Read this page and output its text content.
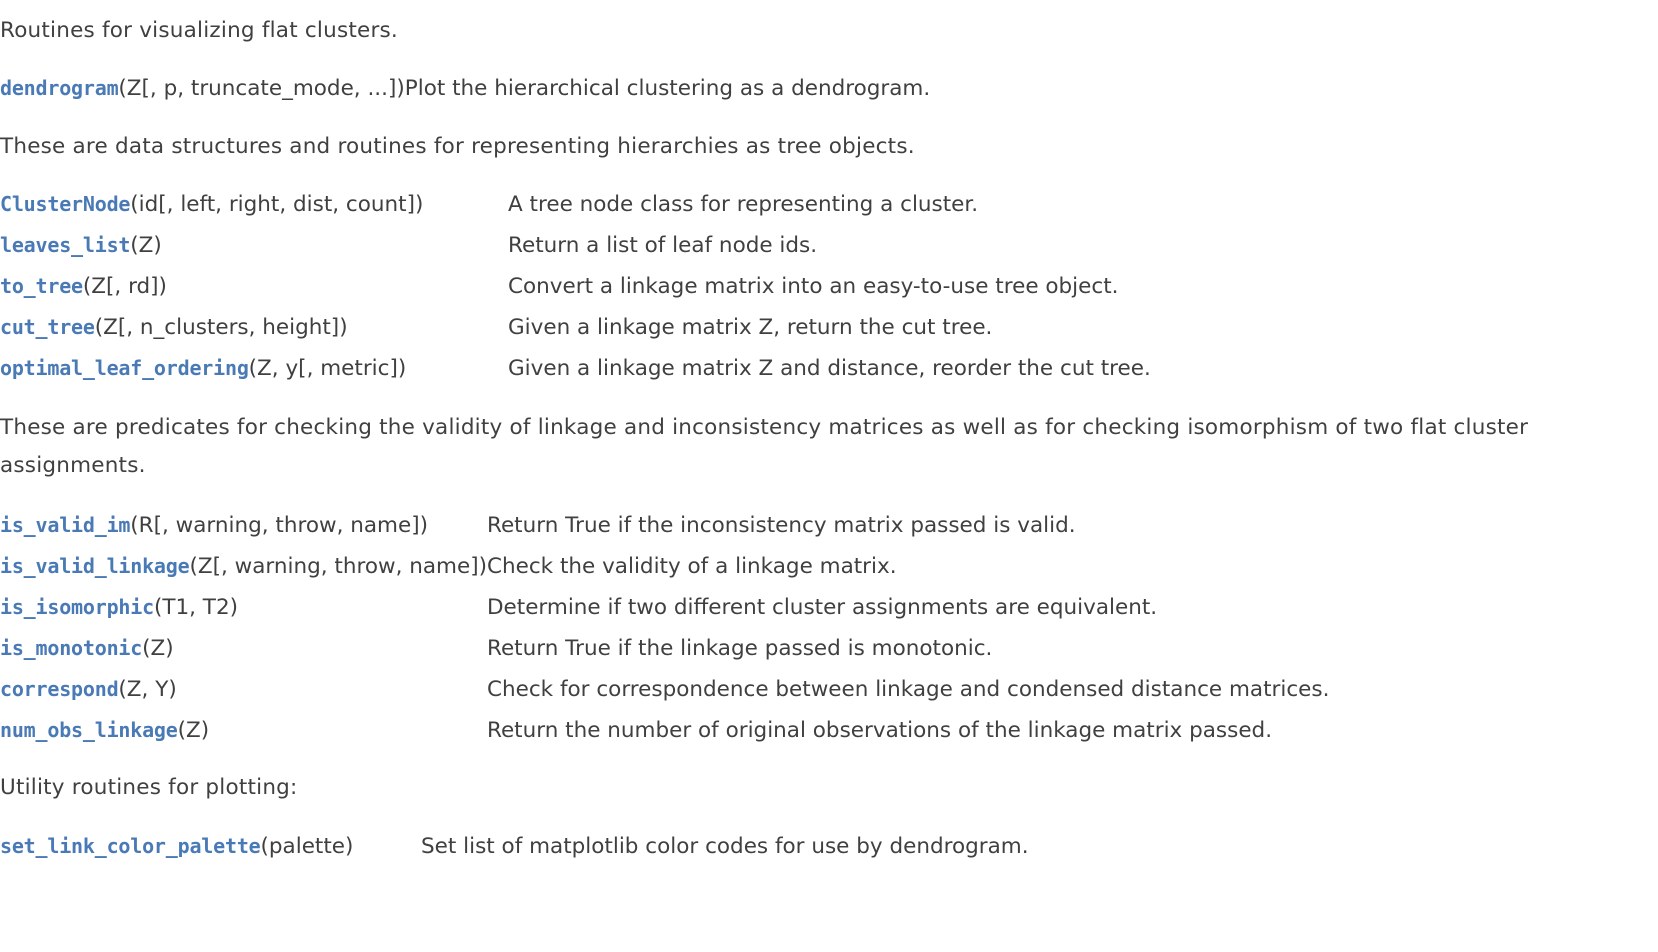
Routines for visualizing flat clusters.

dendrogram(Z[, p, truncate_mode, ...])	Plot the hierarchical clustering as a dendrogram.

These are data structures and routines for representing hierarchies as tree objects.

ClusterNode(id[, left, right, dist, count])	A tree node class for representing a cluster.
leaves_list(Z)	Return a list of leaf node ids.
to_tree(Z[, rd])	Convert a linkage matrix into an easy-to-use tree object.
cut_tree(Z[, n_clusters, height])	Given a linkage matrix Z, return the cut tree.
optimal_leaf_ordering(Z, y[, metric])	Given a linkage matrix Z and distance, reorder the cut tree.

These are predicates for checking the validity of linkage and inconsistency matrices as well as for checking isomorphism of two flat cluster assignments.

is_valid_im(R[, warning, throw, name])	Return True if the inconsistency matrix passed is valid.
is_valid_linkage(Z[, warning, throw, name])	Check the validity of a linkage matrix.
is_isomorphic(T1, T2)	Determine if two different cluster assignments are equivalent.
is_monotonic(Z)	Return True if the linkage passed is monotonic.
correspond(Z, Y)	Check for correspondence between linkage and condensed distance matrices.
num_obs_linkage(Z)	Return the number of original observations of the linkage matrix passed.

Utility routines for plotting:

set_link_color_palette(palette)	Set list of matplotlib color codes for use by dendrogram.
